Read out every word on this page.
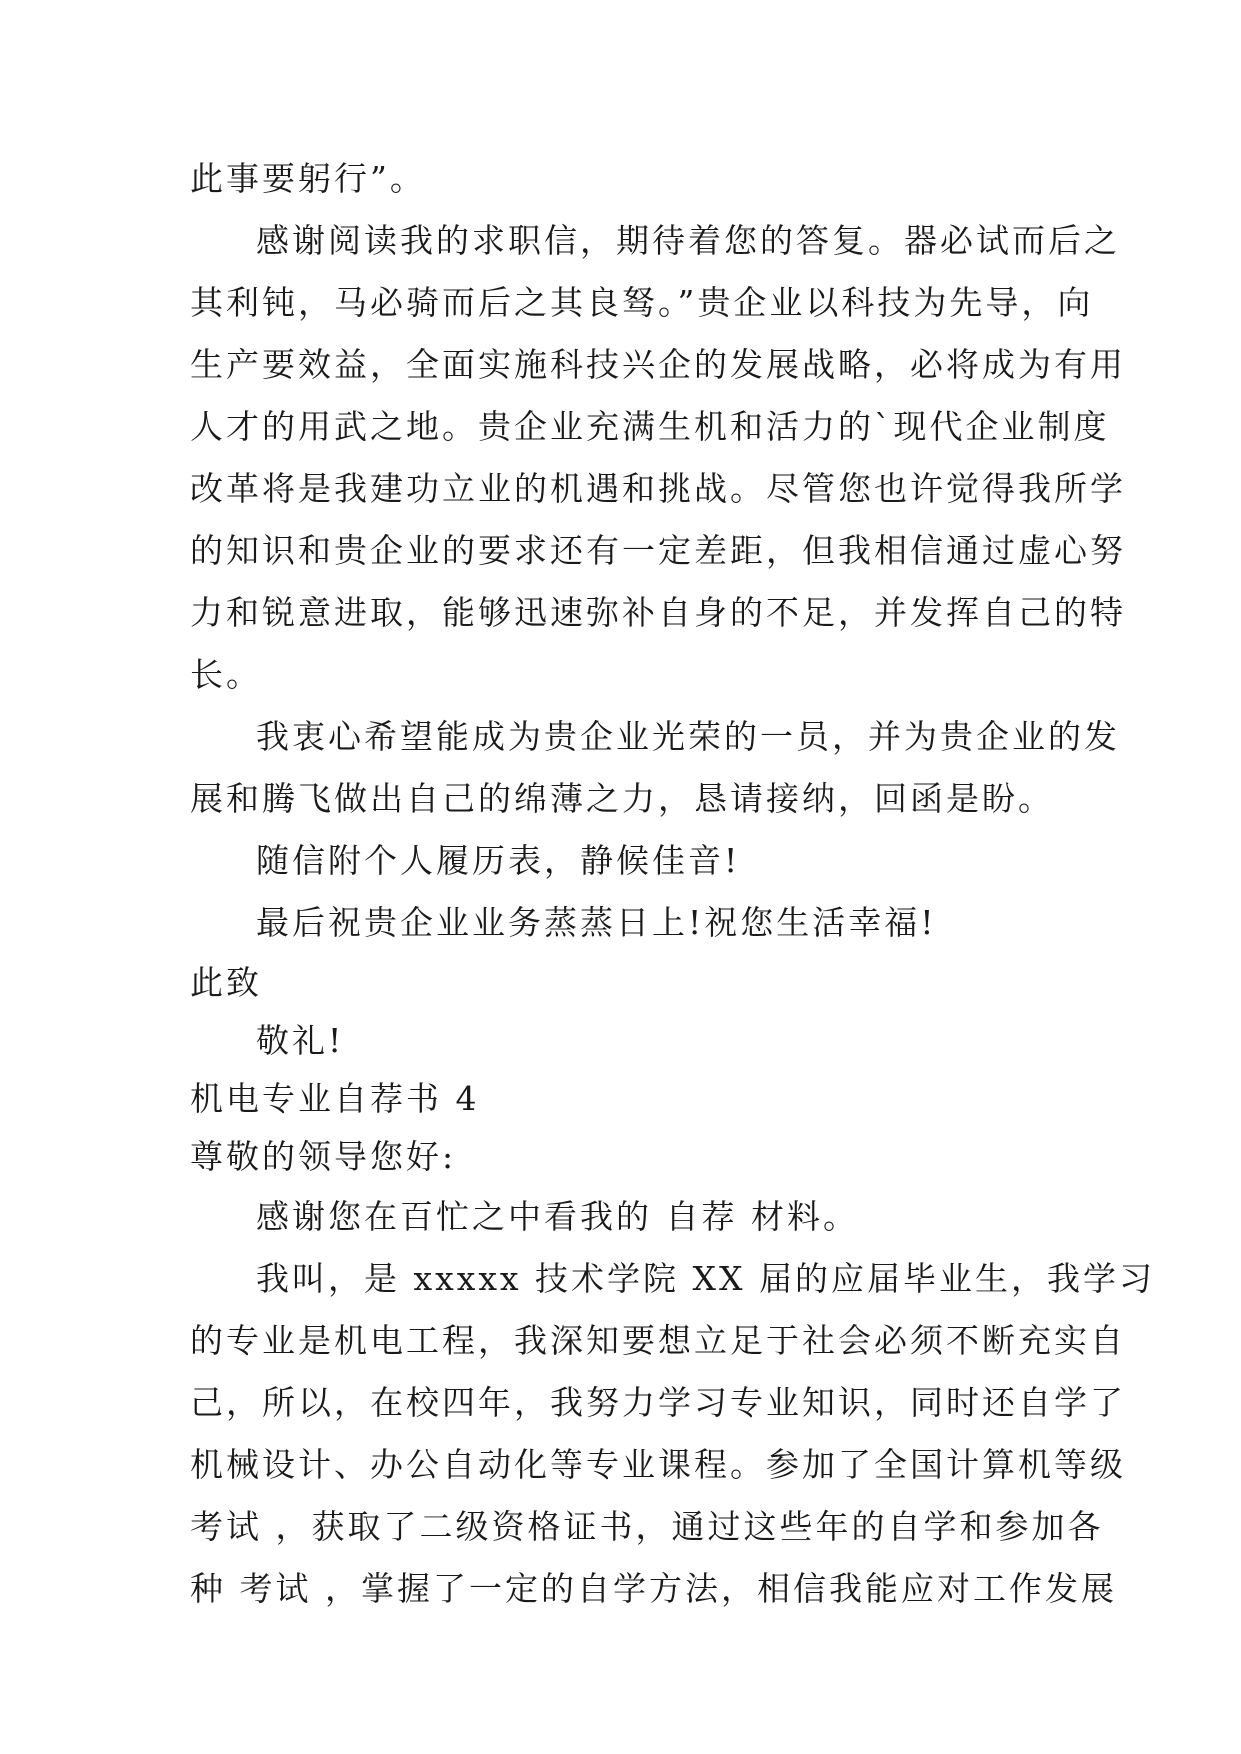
此事要躬行”。
感谢阅读我的求职信，期待着您的答复。器必试而后之
其利钝，马必骑而后之其良驽。”贵企业以科技为先导，向
生产要效益，全面实施科技兴企的发展战略，必将成为有用
人才的用武之地。贵企业充满生机和活力的`现代企业制度
改革将是我建功立业的机遇和挑战。尽管您也许觉得我所学
的知识和贵企业的要求还有一定差距，但我相信通过虚心努
力和锐意进取，能够迅速弥补自身的不足，并发挥自己的特
长。
我衷心希望能成为贵企业光荣的一员，并为贵企业的发
展和腾飞做出自己的绵薄之力，恳请接纳，回函是盼。
随信附个人履历表，静候佳音!
最后祝贵企业业务蒸蒸日上!祝您生活幸福!
此致
敬礼!
机电专业自荐书 4
尊敬的领导您好:
感谢您在百忙之中看我的 自荐 材料。
我叫，是 xxxxx 技术学院 XX 届的应届毕业生，我学习
的专业是机电工程，我深知要想立足于社会必须不断充实自
己，所以，在校四年，我努力学习专业知识，同时还自学了
机械设计、办公自动化等专业课程。参加了全国计算机等级
考试 ，获取了二级资格证书，通过这些年的自学和参加各
种 考试 ，掌握了一定的自学方法，相信我能应对工作发展
